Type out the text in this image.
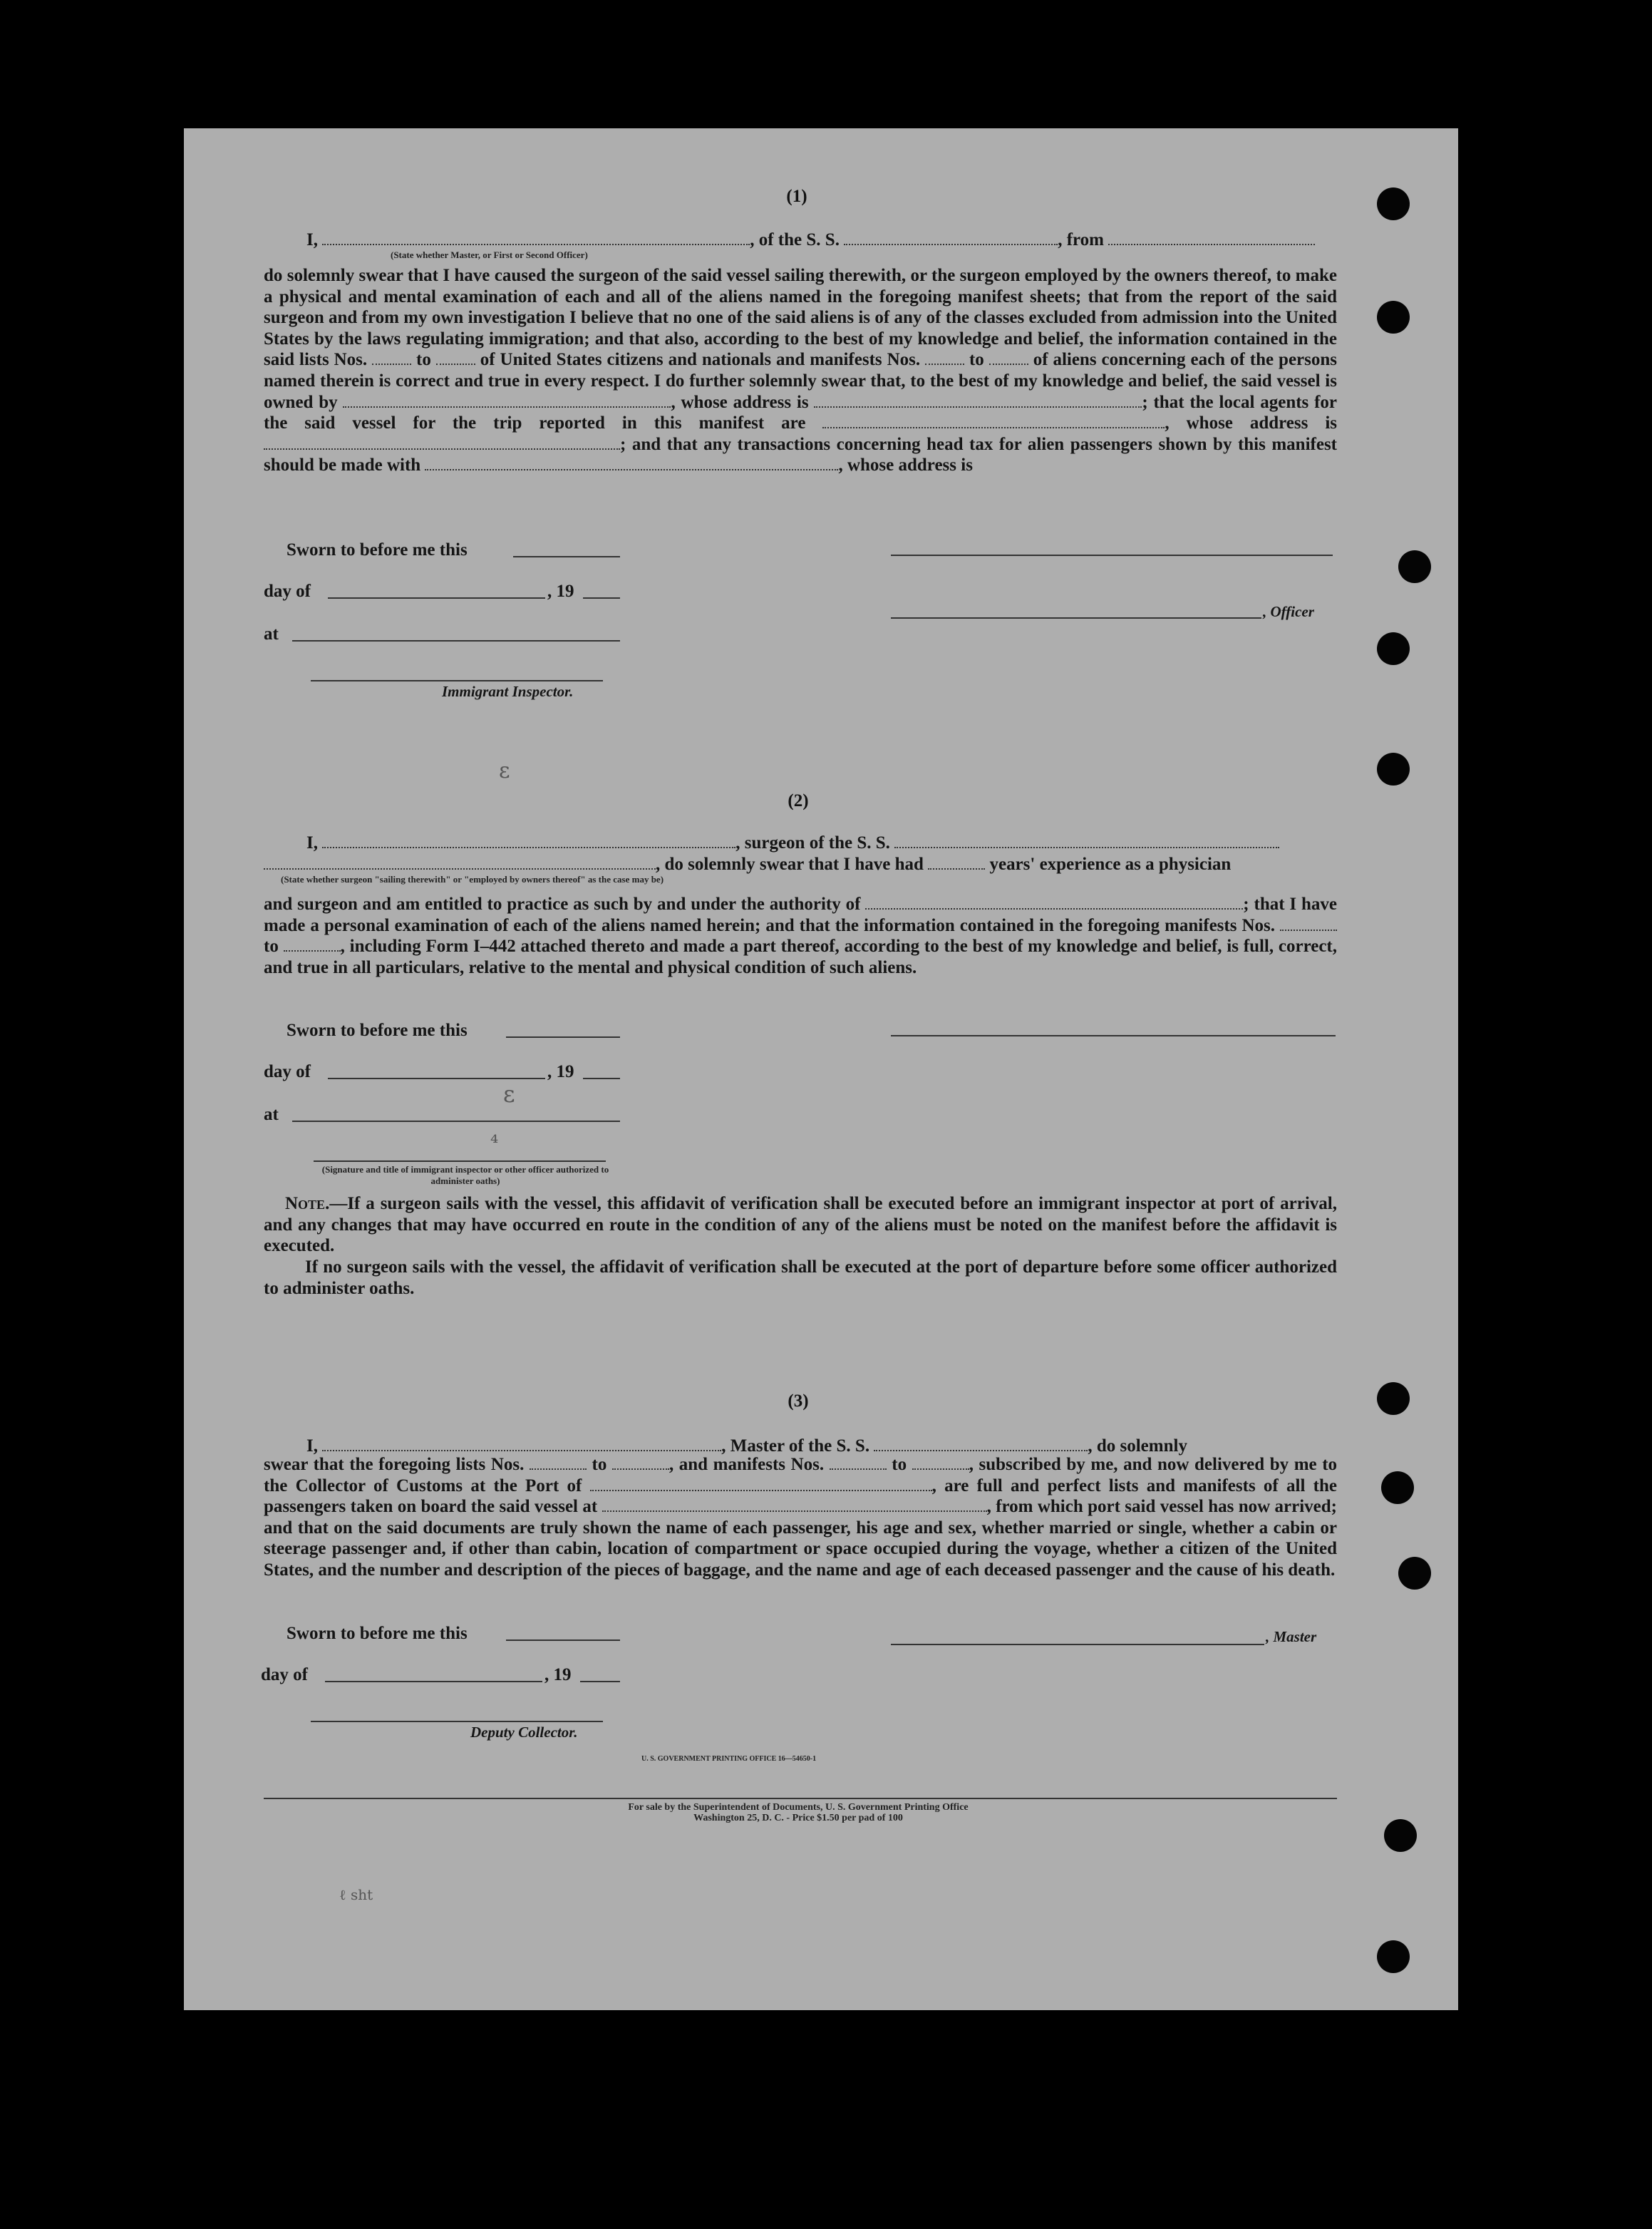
(1)
I,	, of the S. S.	, from
(State whether Master, or First or Second Officer)
do solemnly swear that I have caused the surgeon of the said vessel sailing therewith, or the surgeon employed by the owners thereof, to make a physical and mental examination of each and all of the aliens named in the foregoing manifest sheets; that from the report of the said surgeon and from my own investigation I believe that no one of the said aliens is of any of the classes excluded from admission into the United States by the laws regulating immigration; and that also, according to the best of my knowledge and belief, the information contained in the said lists Nos.	to	of United States citizens and nationals and manifests Nos.	to	of aliens concerning each of the persons named therein is correct and true in every respect. I do further solemnly swear that, to the best of my knowledge and belief, the said vessel is owned by	, whose address is	; that the local agents for the said vessel for the trip reported in this manifest are	, whose address is ; and that any transactions concerning head tax for alien passengers shown by this manifest should be made with	, whose address is
Sworn to before me this
day of	, 19
, Officer
at
Immigrant Inspector.
(2)
I,	, surgeon of the S. S.
, do solemnly swear that I have had	years' experience as a physician
(State whether surgeon "sailing therewith" or "employed by owners thereof" as the case may be)
and surgeon and am entitled to practice as such by and under the authority of	; that I have made a personal examination of each of the aliens named herein; and that the information contained in the foregoing manifests Nos.  to	, including Form I–442 attached thereto and made a part thereof, according to the best of my knowledge and belief, is full, correct, and true in all particulars, relative to the mental and physical condition of such aliens.
Sworn to before me this
day of	, 19
at
(Signature and title of immigrant inspector or other officer authorized to administer oaths)
Note.—If a surgeon sails with the vessel, this affidavit of verification shall be executed before an immigrant inspector at port of arrival, and any changes that may have occurred en route in the condition of any of the aliens must be noted on the manifest before the affidavit is executed.
If no surgeon sails with the vessel, the affidavit of verification shall be executed at the port of departure before some officer authorized to administer oaths.
(3)
I,	, Master of the S. S.	, do solemnly
swear that the foregoing lists Nos.	to	, and manifests Nos.	to	, subscribed by me, and now delivered by me to the Collector of Customs at the Port of	, are full and perfect lists and manifests of all the passengers taken on board the said vessel at	, from which port said vessel has now arrived; and that on the said documents are truly shown the name of each passenger, his age and sex, whether married or single, whether a cabin or steerage passenger and, if other than cabin, location of compartment or space occupied during the voyage, whether a citizen of the United States, and the number and description of the pieces of baggage, and the name and age of each deceased passenger and the cause of his death.
Sworn to before me this	, Master
day of	, 19
Deputy Collector.
U. S. GOVERNMENT PRINTING OFFICE 16—54650-1
For sale by the Superintendent of Documents, U. S. Government Printing Office
Washington 25, D. C. - Price $1.50 per pad of 100
ε
ε
⁴
ℓ sht
